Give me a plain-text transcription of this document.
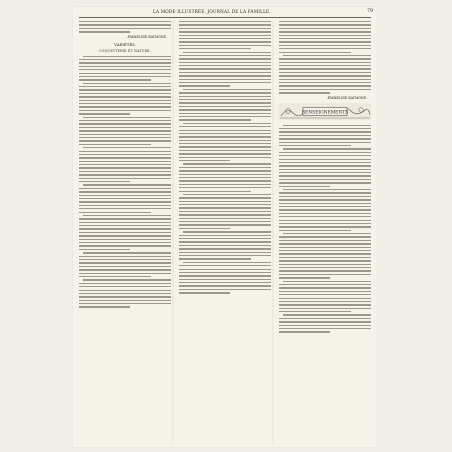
LA MODE ILLUSTRÉE, JOURNAL DE LA FAMILLE.	79
EMMELINE RAYMOND.
VARIÉTÉS.
COQUETTERIE ET NATURE.
EMMELINE RAYMOND.
RENSEIGNEMENTS
